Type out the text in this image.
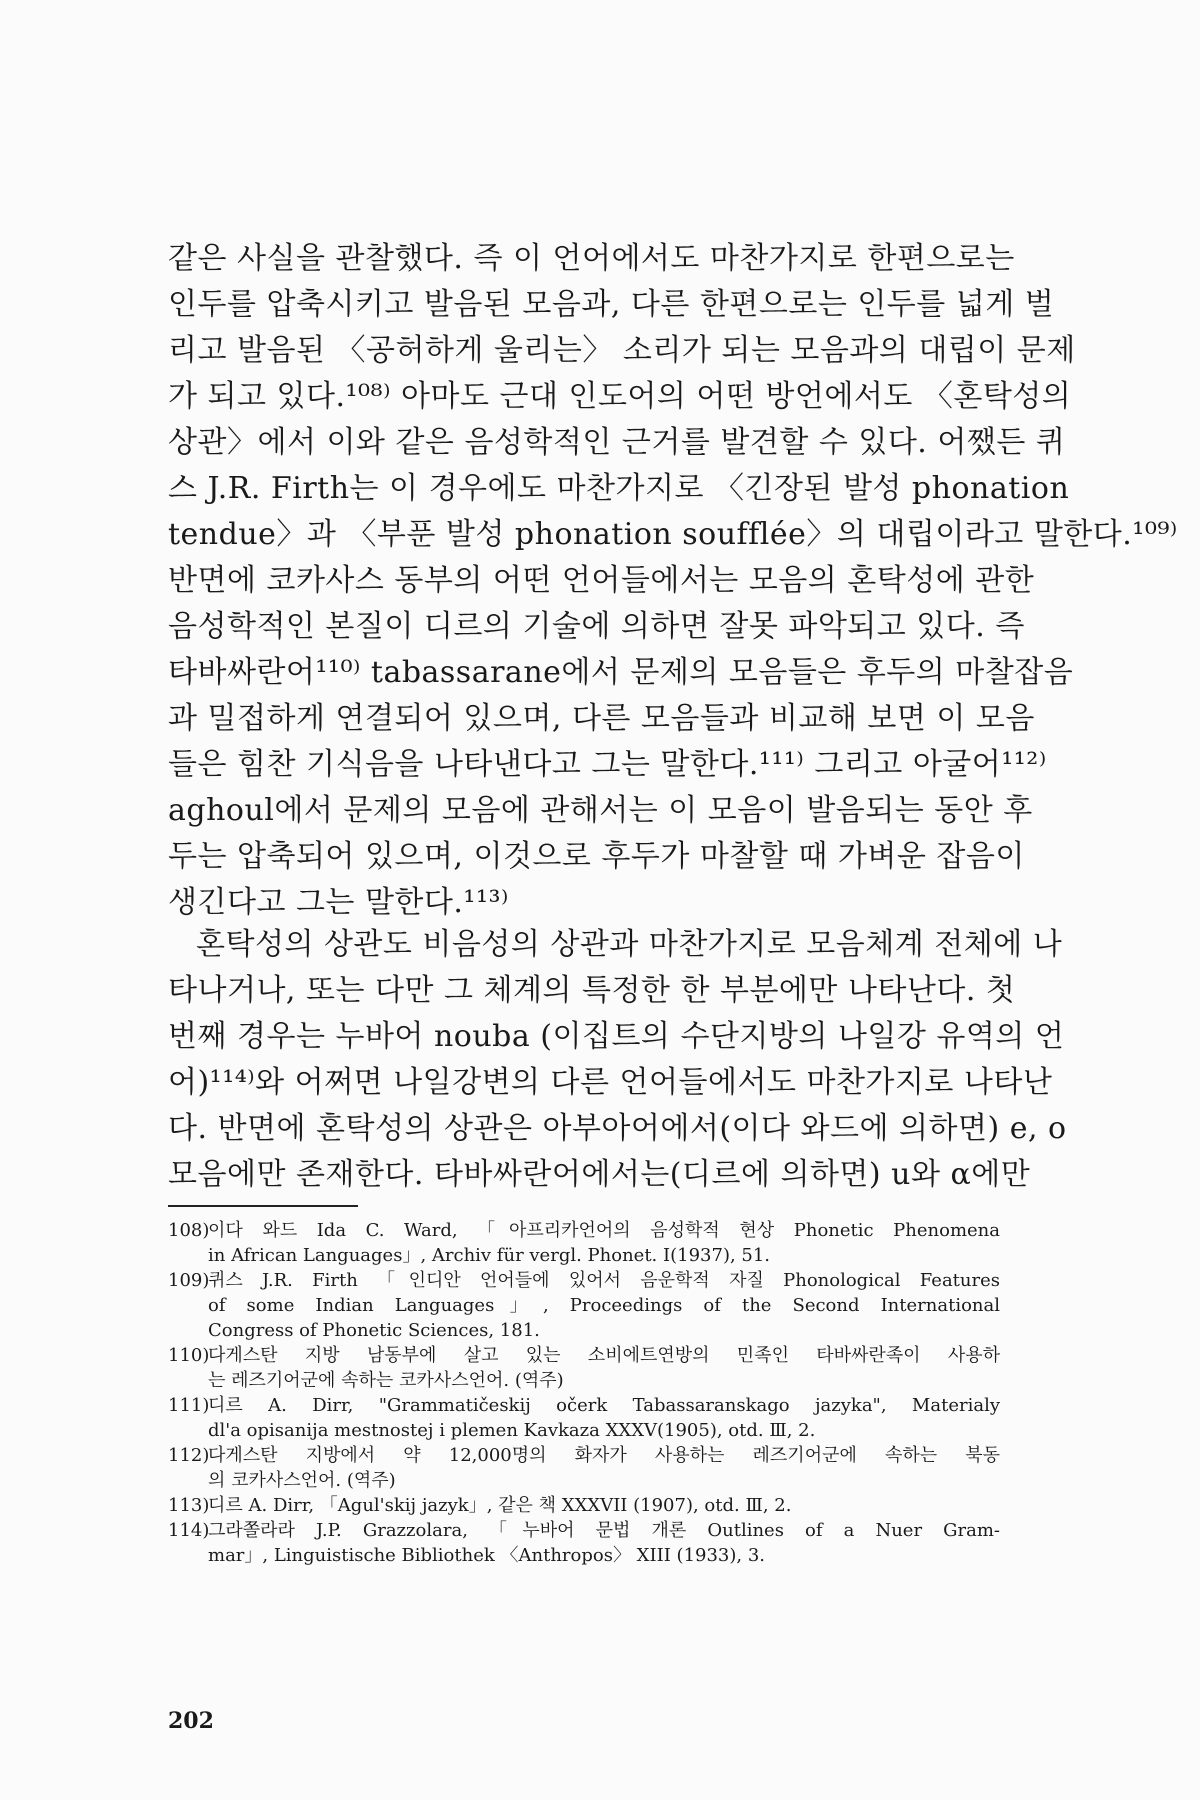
같은 사실을 관찰했다. 즉 이 언어에서도 마찬가지로 한편으로는
인두를 압축시키고 발음된 모음과, 다른 한편으로는 인두를 넓게 벌
리고 발음된 〈공허하게 울리는〉 소리가 되는 모음과의 대립이 문제
가 되고 있다.¹⁰⁸⁾ 아마도 근대 인도어의 어떤 방언에서도 〈혼탁성의
상관〉에서 이와 같은 음성학적인 근거를 발견할 수 있다. 어쨌든 퀴
스 J.R. Firth는 이 경우에도 마찬가지로 〈긴장된 발성 phonation
tendue〉과 〈부푼 발성 phonation soufflée〉의 대립이라고 말한다.¹⁰⁹⁾
반면에 코카사스 동부의 어떤 언어들에서는 모음의 혼탁성에 관한
음성학적인 본질이 디르의 기술에 의하면 잘못 파악되고 있다. 즉
타바싸란어¹¹⁰⁾ tabassarane에서 문제의 모음들은 후두의 마찰잡음
과 밀접하게 연결되어 있으며, 다른 모음들과 비교해 보면 이 모음
들은 힘찬 기식음을 나타낸다고 그는 말한다.¹¹¹⁾ 그리고 아굴어¹¹²⁾
aghoul에서 문제의 모음에 관해서는 이 모음이 발음되는 동안 후
두는 압축되어 있으며, 이것으로 후두가 마찰할 때 가벼운 잡음이
생긴다고 그는 말한다.¹¹³⁾
혼탁성의 상관도 비음성의 상관과 마찬가지로 모음체계 전체에 나
타나거나, 또는 다만 그 체계의 특정한 한 부분에만 나타난다. 첫
번째 경우는 누바어 nouba (이집트의 수단지방의 나일강 유역의 언
어)¹¹⁴⁾와 어쩌면 나일강변의 다른 언어들에서도 마찬가지로 나타난
다. 반면에 혼탁성의 상관은 아부아어에서(이다 와드에 의하면) e, o
모음에만 존재한다. 타바싸란어에서는(디르에 의하면) u와 α에만
108)
이다 와드 Ida C. Ward, 「아프리카언어의 음성학적 현상 Phonetic Phenomena
in African Languages」, Archiv für vergl. Phonet. Ⅰ(1937), 51.
109)
퀴스 J.R. Firth 「인디안 언어들에 있어서 음운학적 자질 Phonological Features
of some Indian Languages」, Proceedings of the Second International
Congress of Phonetic Sciences, 181.
110)
다게스탄 지방 남동부에 살고 있는 소비에트연방의 민족인 타바싸란족이 사용하
는 레즈기어군에 속하는 코카사스언어. (역주)
111)
디르 A. Dirr, "Grammatičeskij očerk Tabassaranskago jazyka", Materialy
dl'a opisanija mestnostej i plemen Kavkaza XXXV(1905), otd. Ⅲ, 2.
112)
다게스탄 지방에서 약 12,000명의 화자가 사용하는 레즈기어군에 속하는 북동
의 코카사스언어. (역주)
113)
디르 A. Dirr, 「Agul'skij jazyk」, 같은 책 XXXVII (1907), otd. Ⅲ, 2.
114)
그라쫄라라 J.P. Grazzolara, 「누바어 문법 개론 Outlines of a Nuer Gram-
mar」, Linguistische Bibliothek 〈Anthropos〉 XIII (1933), 3.
202
